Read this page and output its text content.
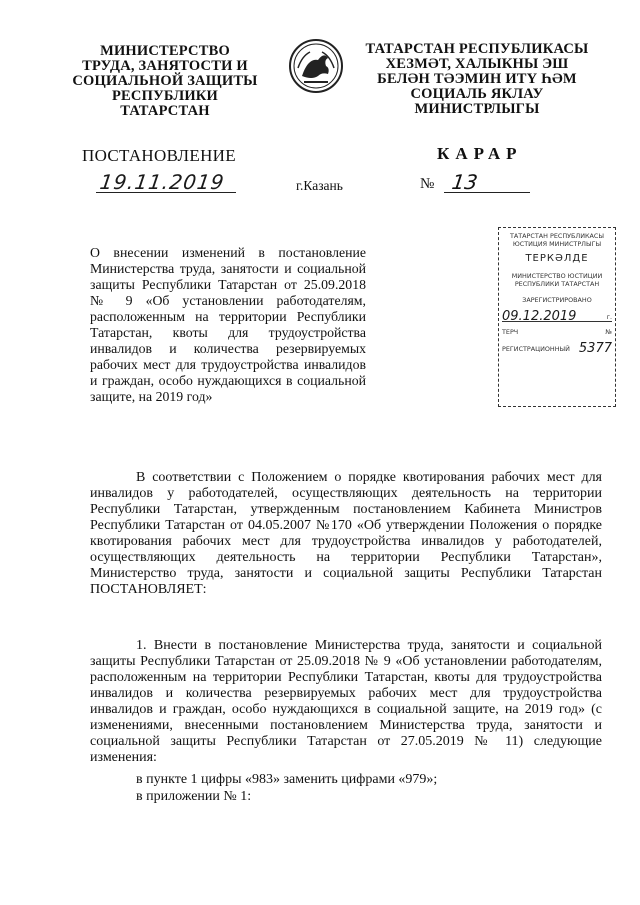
МИНИСТЕРСТВО
ТРУДА, ЗАНЯТОСТИ И
СОЦИАЛЬНОЙ ЗАЩИТЫ
РЕСПУБЛИКИ
ТАТАРСТАН
ТАТАРСТАН РЕСПУБЛИКАСЫ
ХЕЗМӘТ, ХАЛЫКНЫ ЭШ
БЕЛӘН ТӘЭМИН ИТҮ ҺӘМ
СОЦИАЛЬ ЯКЛАУ
МИНИСТРЛЫГЫ
ПОСТАНОВЛЕНИЕ	КАРАР
19.11.2019	г.Казань	№ 13
О внесении изменений в постановление Министерства труда, занятости и социальной защиты Республики Татарстан от 25.09.2018 № 9 «Об установлении работодателям, расположенным на территории Республики Татарстан, квоты для трудоустройства инвалидов и количества резервируемых рабочих мест для трудоустройства инвалидов и граждан, особо нуждающихся в социальной защите, на 2019 год»
ТАТАРСТАН РЕСПУБЛИКАСЫ
ЮСТИЦИЯ МИНИСТРЛЫГЫ
ТЕРКӘЛДЕ
МИНИСТЕРСТВО ЮСТИЦИИ
РЕСПУБЛИКИ ТАТАРСТАН
ЗАРЕГИСТРИРОВАНО
09.12.2019	г.
ТЕРЧ	№
РЕГИСТРАЦИОННЫЙ 5377

В соответствии с Положением о порядке квотирования рабочих мест для инвалидов у работодателей, осуществляющих деятельность на территории Республики Татарстан, утвержденным постановлением Кабинета Министров Республики Татарстан от 04.05.2007 №170 «Об утверждении Положения о порядке квотирования рабочих мест для трудоустройства инвалидов у работодателей, осуществляющих деятельность на территории Республики Татарстан», Министерство труда, занятости и социальной защиты Республики Татарстан ПОСТАНОВЛЯЕТ:

1. Внести в постановление Министерства труда, занятости и социальной защиты Республики Татарстан от 25.09.2018 № 9 «Об установлении работодателям, расположенным на территории Республики Татарстан, квоты для трудоустройства инвалидов и количества резервируемых рабочих мест для трудоустройства инвалидов и граждан, особо нуждающихся в социальной защите, на 2019 год» (с изменениями, внесенными постановлением Министерства труда, занятости и социальной защиты Республики Татарстан от 27.05.2019 № 11) следующие изменения:

в пункте 1 цифры «983» заменить цифрами «979»;
в приложении № 1:
